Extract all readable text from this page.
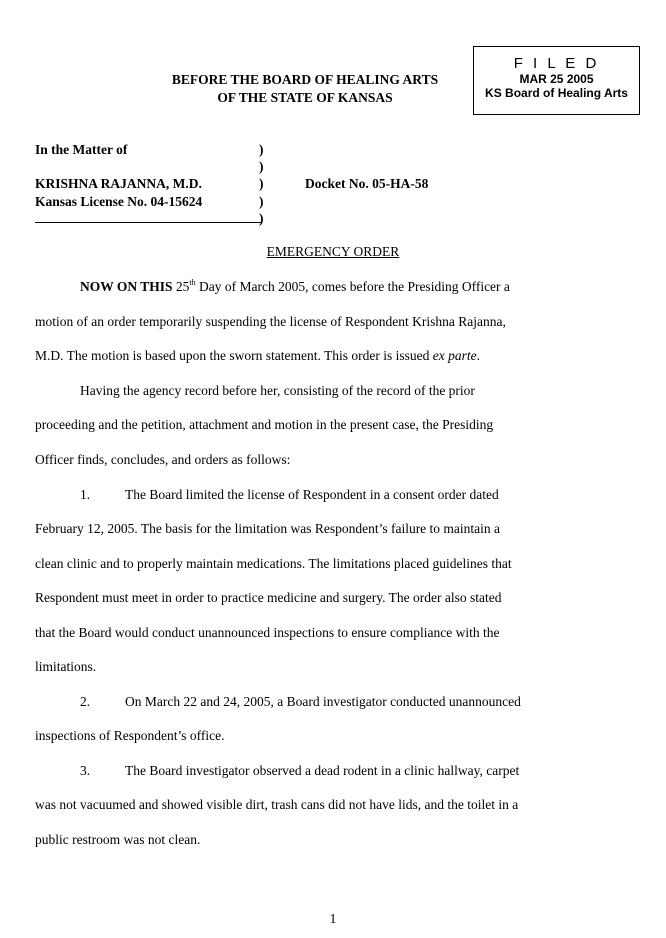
F I L E D
MAR 25 2005
KS Board of Healing Arts
BEFORE THE BOARD OF HEALING ARTS
OF THE STATE OF KANSAS
In the Matter of
KRISHNA RAJANNA, M.D.
Kansas License No. 04-15624
)
)
)
)
)
Docket No. 05-HA-58
EMERGENCY ORDER
NOW ON THIS 25th Day of March 2005, comes before the Presiding Officer a
motion of an order temporarily suspending the license of Respondent Krishna Rajanna,
M.D. The motion is based upon the sworn statement. This order is issued ex parte.
Having the agency record before her, consisting of the record of the prior
proceeding and the petition, attachment and motion in the present case, the Presiding
Officer finds, concludes, and orders as follows:
1.	The Board limited the license of Respondent in a consent order dated
February 12, 2005. The basis for the limitation was Respondent’s failure to maintain a
clean clinic and to properly maintain medications. The limitations placed guidelines that
Respondent must meet in order to practice medicine and surgery. The order also stated
that the Board would conduct unannounced inspections to ensure compliance with the
limitations.
2.	On March 22 and 24, 2005, a Board investigator conducted unannounced
inspections of Respondent’s office.
3.	The Board investigator observed a dead rodent in a clinic hallway, carpet
was not vacuumed and showed visible dirt, trash cans did not have lids, and the toilet in a
public restroom was not clean.
1
